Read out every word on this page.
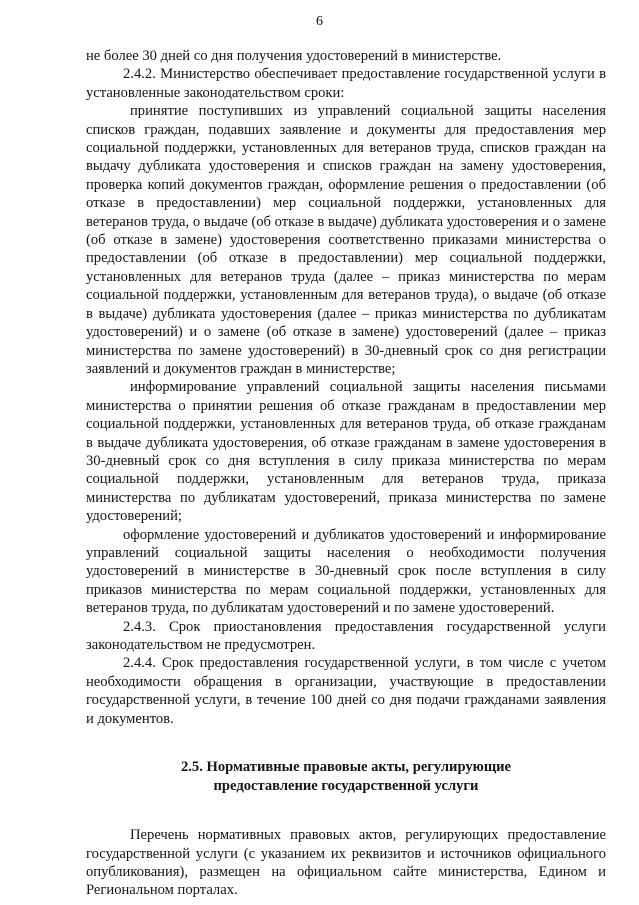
6

не более 30 дней со дня получения удостоверений в министерстве.

2.4.2. Министерство обеспечивает предоставление государственной услуги в установленные законодательством сроки:

принятие поступивших из управлений социальной защиты населения списков граждан, подавших заявление и документы для предоставления мер социальной поддержки, установленных для ветеранов труда, списков граждан на выдачу дубликата удостоверения и списков граждан на замену удостоверения, проверка копий документов граждан, оформление решения о предоставлении (об отказе в предоставлении) мер социальной поддержки, установленных для ветеранов труда, о выдаче (об отказе в выдаче) дубликата удостоверения и о замене (об отказе в замене) удостоверения соответственно приказами министерства о предоставлении (об отказе в предоставлении) мер социальной поддержки, установленных для ветеранов труда (далее – приказ министерства по мерам социальной поддержки, установленным для ветеранов труда), о выдаче (об отказе в выдаче) дубликата удостоверения (далее – приказ министерства по дубликатам удостоверений) и о замене (об отказе в замене) удостоверений (далее – приказ министерства по замене удостоверений) в 30-дневный срок со дня регистрации заявлений и документов граждан в министерстве;

информирование управлений социальной защиты населения письмами министерства о принятии решения об отказе гражданам в предоставлении мер социальной поддержки, установленных для ветеранов труда, об отказе гражданам в выдаче дубликата удостоверения, об отказе гражданам в замене удостоверения в 30-дневный срок со дня вступления в силу приказа министерства по мерам социальной поддержки, установленным для ветеранов труда, приказа министерства по дубликатам удостоверений, приказа министерства по замене удостоверений;

оформление удостоверений и дубликатов удостоверений и информирование управлений социальной защиты населения о необходимости получения удостоверений в министерстве в 30-дневный срок после вступления в силу приказов министерства по мерам социальной поддержки, установленных для ветеранов труда, по дубликатам удостоверений и по замене удостоверений.

2.4.3. Срок приостановления предоставления государственной услуги законодательством не предусмотрен.

2.4.4. Срок предоставления государственной услуги, в том числе с учетом необходимости обращения в организации, участвующие в предоставлении государственной услуги, в течение 100 дней со дня подачи гражданами заявления и документов.

2.5. Нормативные правовые акты, регулирующие
предоставление государственной услуги

Перечень нормативных правовых актов, регулирующих предоставление государственной услуги (с указанием их реквизитов и источников официального опубликования), размещен на официальном сайте министерства, Едином и Региональном порталах.
